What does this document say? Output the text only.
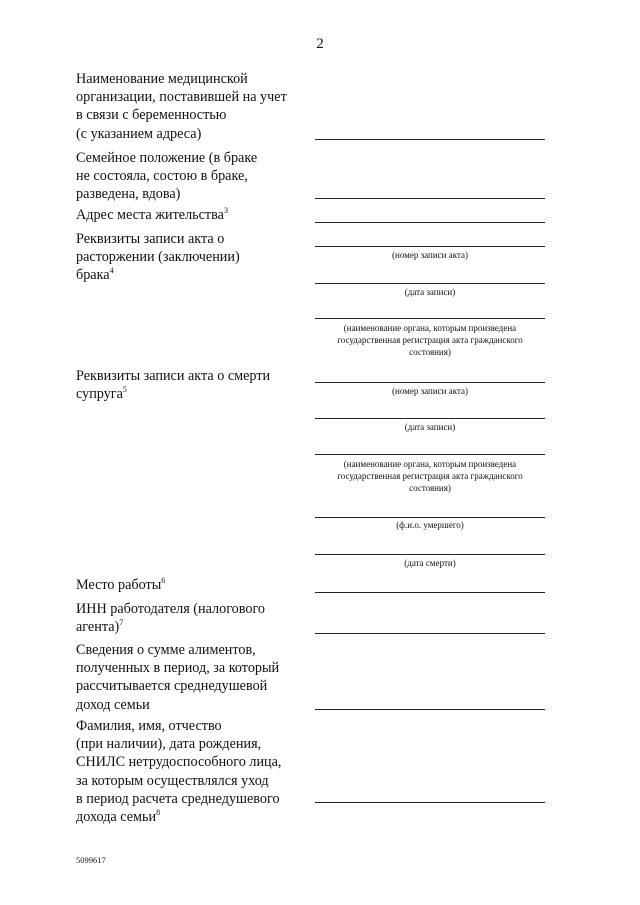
2
Наименование медицинской
организации, поставившей на учет
в связи с беременностью
(с указанием адреса)
Семейное положение (в браке
не состояла, состою в браке,
разведена, вдова)
Адрес места жительства$^3$
Реквизиты записи акта о
расторжении (заключении)
брака$^4$
(номер записи акта)
(дата записи)
(наименование органа, которым произведена
государственная регистрация акта гражданского
состояния)
Реквизиты записи акта о смерти
супруга$^5$	(номер записи акта)
(дата записи)
(наименование органа, которым произведена
государственная регистрация акта гражданского
состояния)
(ф.и.о. умершего)
(дата смерти)
Место работы$^6$
ИНН работодателя (налогового
агента)$^7$
Сведения о сумме алиментов,
полученных в период, за который
рассчитывается среднедушевой
доход семьи
Фамилия, имя, отчество
(при наличии), дата рождения,
СНИЛС нетрудоспособного лица,
за которым осуществлялся уход
в период расчета среднедушевого
дохода семьи$^8$
5099617
